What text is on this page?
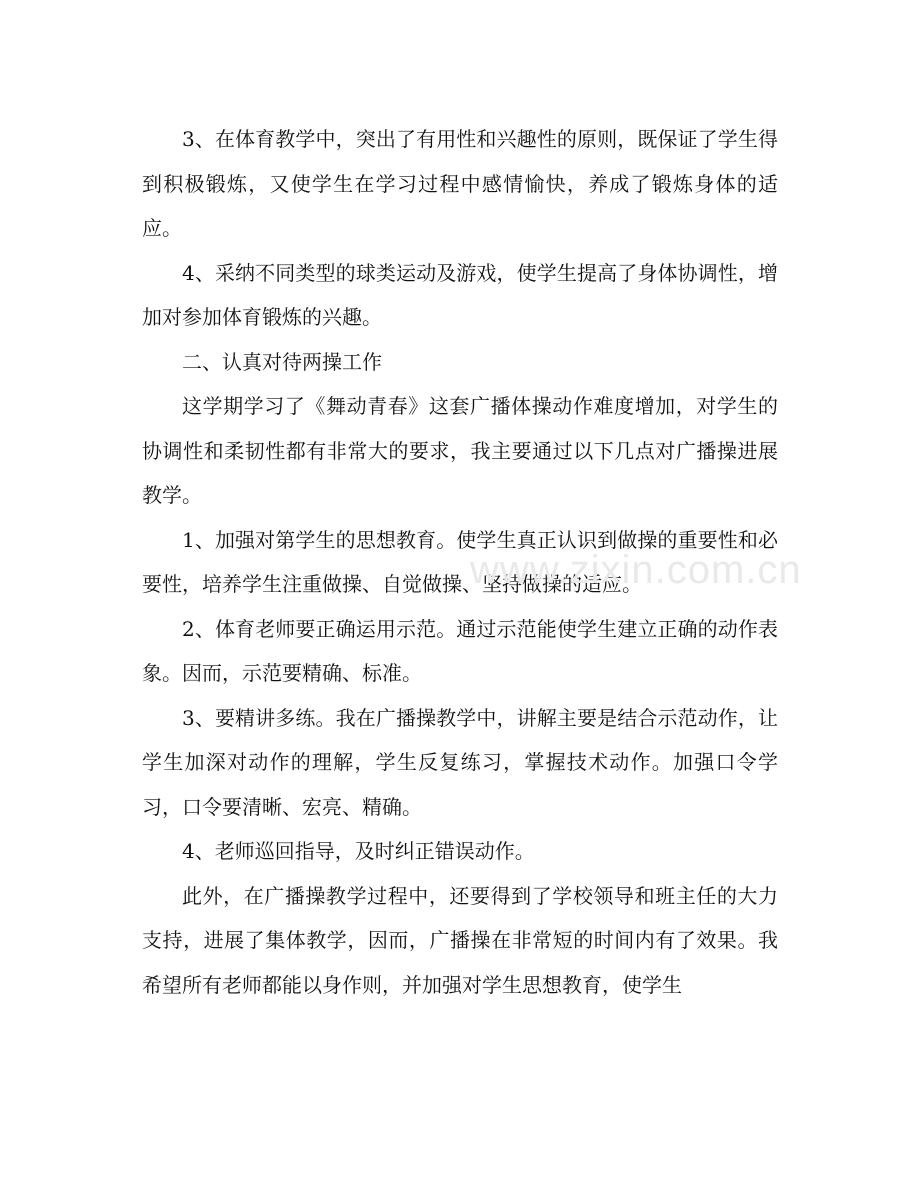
3、在体育教学中，突出了有用性和兴趣性的原则，既保证了学生得到积极锻炼，又使学生在学习过程中感情愉快，养成了锻炼身体的适应。

4、采纳不同类型的球类运动及游戏，使学生提高了身体协调性，增加对参加体育锻炼的兴趣。

二、认真对待两操工作

这学期学习了《舞动青春》这套广播体操动作难度增加，对学生的协调性和柔韧性都有非常大的要求，我主要通过以下几点对广播操进展教学。

1、加强对第学生的思想教育。使学生真正认识到做操的重要性和必要性，培养学生注重做操、自觉做操、坚持做操的适应。

2、体育老师要正确运用示范。通过示范能使学生建立正确的动作表象。因而，示范要精确、标准。

3、要精讲多练。我在广播操教学中，讲解主要是结合示范动作，让学生加深对动作的理解，学生反复练习，掌握技术动作。加强口令学习，口令要清晰、宏亮、精确。

4、老师巡回指导，及时纠正错误动作。

此外，在广播操教学过程中，还要得到了学校领导和班主任的大力支持，进展了集体教学，因而，广播操在非常短的时间内有了效果。我希望所有老师都能以身作则，并加强对学生思想教育，使学生

www.zixin.com.cn
